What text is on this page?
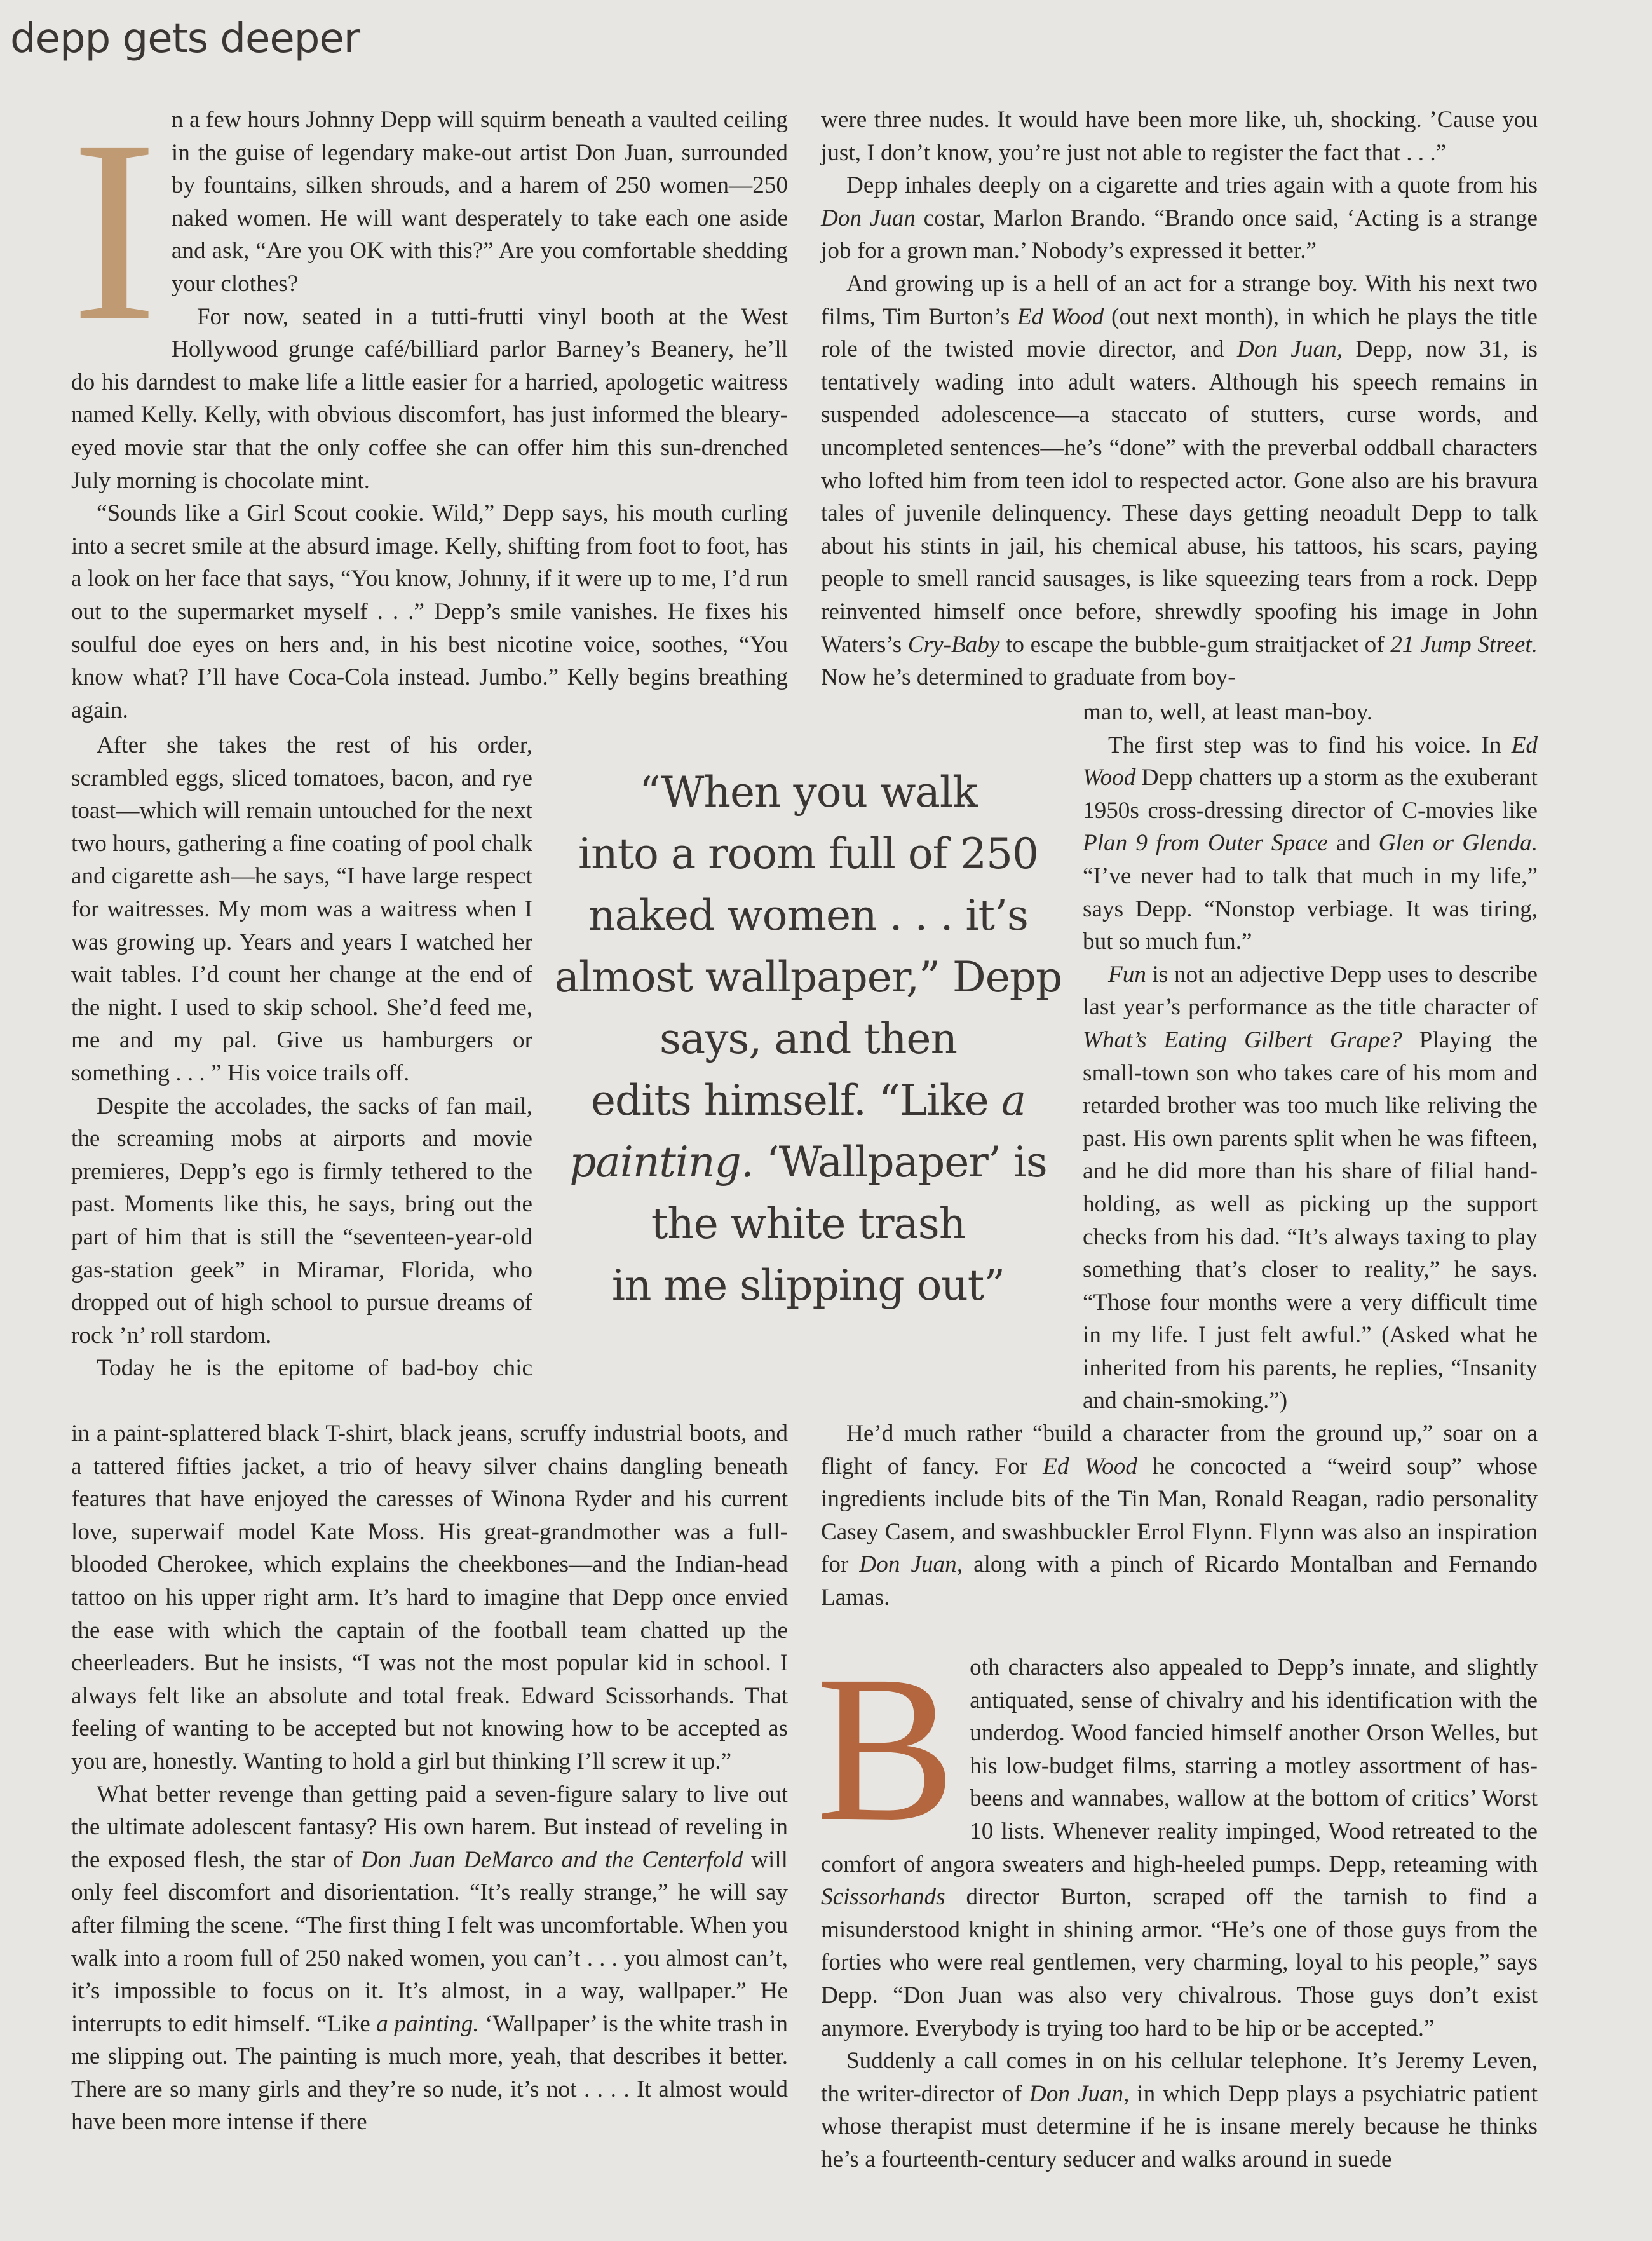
depp gets deeper

In a few hours Johnny Depp will squirm beneath a vaulted ceiling in the guise of legendary make-out artist Don Juan, surrounded by fountains, silken shrouds, and a harem of 250 women—250 naked women. He will want desperately to take each one aside and ask, “Are you OK with this?” Are you comfortable shedding your clothes?

For now, seated in a tutti-frutti vinyl booth at the West Hollywood grunge café/billiard parlor Barney’s Beanery, he’ll do his darndest to make life a little easier for a harried, apologetic waitress named Kelly. Kelly, with obvious discomfort, has just informed the bleary-eyed movie star that the only coffee she can offer him this sun-drenched July morning is chocolate mint.

“Sounds like a Girl Scout cookie. Wild,” Depp says, his mouth curling into a secret smile at the absurd image. Kelly, shifting from foot to foot, has a look on her face that says, “You know, Johnny, if it were up to me, I’d run out to the supermarket myself . . .” Depp’s smile vanishes. He fixes his soulful doe eyes on hers and, in his best nicotine voice, soothes, “You know what? I’ll have Coca-Cola instead. Jumbo.” Kelly begins breathing again.

After she takes the rest of his order, scrambled eggs, sliced tomatoes, bacon, and rye toast—which will remain untouched for the next two hours, gathering a fine coating of pool chalk and cigarette ash—he says, “I have large respect for waitresses. My mom was a waitress when I was growing up. Years and years I watched her wait tables. I’d count her change at the end of the night. I used to skip school. She’d feed me, me and my pal. Give us hamburgers or something . . . ” His voice trails off.

Despite the accolades, the sacks of fan mail, the screaming mobs at airports and movie premieres, Depp’s ego is firmly tethered to the past. Moments like this, he says, bring out the part of him that is still the “seventeen-year-old gas-station geek” in Miramar, Florida, who dropped out of high school to pursue dreams of rock ’n’ roll stardom.

Today he is the epitome of bad-boy chic

in a paint-splattered black T-shirt, black jeans, scruffy industrial boots, and a tattered fifties jacket, a trio of heavy silver chains dangling beneath features that have enjoyed the caresses of Winona Ryder and his current love, superwaif model Kate Moss. His great-grandmother was a full-blooded Cherokee, which explains the cheekbones—and the Indian-head tattoo on his upper right arm. It’s hard to imagine that Depp once envied the ease with which the captain of the football team chatted up the cheerleaders. But he insists, “I was not the most popular kid in school. I always felt like an absolute and total freak. Edward Scissorhands. That feeling of wanting to be accepted but not knowing how to be accepted as you are, honestly. Wanting to hold a girl but thinking I’ll screw it up.”

What better revenge than getting paid a seven-figure salary to live out the ultimate adolescent fantasy? His own harem. But instead of reveling in the exposed flesh, the star of Don Juan DeMarco and the Centerfold will only feel discomfort and disorientation. “It’s really strange,” he will say after filming the scene. “The first thing I felt was uncomfortable. When you walk into a room full of 250 naked women, you can’t . . . you almost can’t, it’s impossible to focus on it. It’s almost, in a way, wallpaper.” He interrupts to edit himself. “Like a painting. ‘Wallpaper’ is the white trash in me slipping out. The painting is much more, yeah, that describes it better. There are so many girls and they’re so nude, it’s not . . . . It almost would have been more intense if there

were three nudes. It would have been more like, uh, shocking. ’Cause you just, I don’t know, you’re just not able to register the fact that . . .”

Depp inhales deeply on a cigarette and tries again with a quote from his Don Juan costar, Marlon Brando. “Brando once said, ‘Acting is a strange job for a grown man.’ Nobody’s expressed it better.”

And growing up is a hell of an act for a strange boy. With his next two films, Tim Burton’s Ed Wood (out next month), in which he plays the title role of the twisted movie director, and Don Juan, Depp, now 31, is tentatively wading into adult waters. Although his speech remains in suspended adolescence—a staccato of stutters, curse words, and uncompleted sentences—he’s “done” with the preverbal oddball characters who lofted him from teen idol to respected actor. Gone also are his bravura tales of juvenile delinquency. These days getting neoadult Depp to talk about his stints in jail, his chemical abuse, his tattoos, his scars, paying people to smell rancid sausages, is like squeezing tears from a rock. Depp reinvented himself once before, shrewdly spoofing his image in John Waters’s Cry-Baby to escape the bubble-gum straitjacket of 21 Jump Street. Now he’s determined to graduate from boy-

man to, well, at least man-boy.

The first step was to find his voice. In Ed Wood Depp chatters up a storm as the exuberant 1950s cross-dressing director of C-movies like Plan 9 from Outer Space and Glen or Glenda. “I’ve never had to talk that much in my life,” says Depp. “Nonstop verbiage. It was tiring, but so much fun.”

Fun is not an adjective Depp uses to describe last year’s performance as the title character of What’s Eating Gilbert Grape? Playing the small-town son who takes care of his mom and retarded brother was too much like reliving the past. His own parents split when he was fifteen, and he did more than his share of filial hand-holding, as well as picking up the support checks from his dad. “It’s always taxing to play something that’s closer to reality,” he says. “Those four months were a very difficult time in my life. I just felt awful.” (Asked what he inherited from his parents, he replies, “Insanity and chain-smoking.”)

He’d much rather “build a character from the ground up,” soar on a flight of fancy. For Ed Wood he concocted a “weird soup” whose ingredients include bits of the Tin Man, Ronald Reagan, radio personality Casey Casem, and swashbuckler Errol Flynn. Flynn was also an inspiration for Don Juan, along with a pinch of Ricardo Montalban and Fernando Lamas.

Both characters also appealed to Depp’s innate, and slightly antiquated, sense of chivalry and his identification with the underdog. Wood fancied himself another Orson Welles, but his low-budget films, starring a motley assortment of has-beens and wannabes, wallow at the bottom of critics’ Worst 10 lists. Whenever reality impinged, Wood retreated to the comfort of angora sweaters and high-heeled pumps. Depp, reteaming with Scissorhands director Burton, scraped off the tarnish to find a misunderstood knight in shining armor. “He’s one of those guys from the forties who were real gentlemen, very charming, loyal to his people,” says Depp. “Don Juan was also very chivalrous. Those guys don’t exist anymore. Everybody is trying too hard to be hip or be accepted.”

Suddenly a call comes in on his cellular telephone. It’s Jeremy Leven, the writer-director of Don Juan, in which Depp plays a psychiatric patient whose therapist must determine if he is insane merely because he thinks he’s a fourteenth-century seducer and walks around in suede

“When you walk
into a room full of 250
naked women . . . it’s
almost wallpaper,” Depp
says, and then
edits himself. “Like a
painting. ‘Wallpaper’ is
the white trash
in me slipping out”
